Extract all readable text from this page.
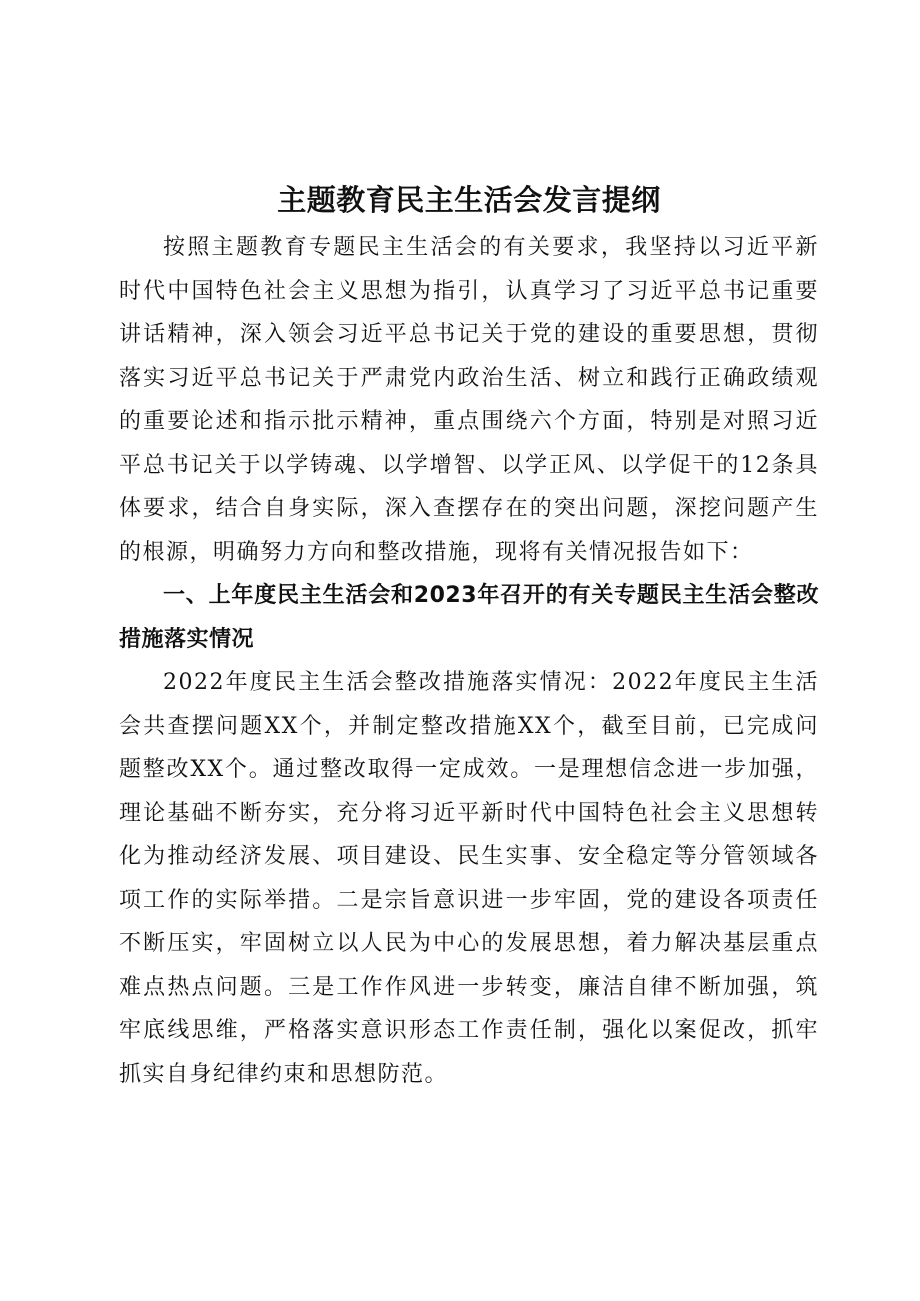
主题教育民主生活会发言提纲

按照主题教育专题民主生活会的有关要求，我坚持以习近平新时代中国特色社会主义思想为指引，认真学习了习近平总书记重要讲话精神，深入领会习近平总书记关于党的建设的重要思想，贯彻落实习近平总书记关于严肃党内政治生活、树立和践行正确政绩观的重要论述和指示批示精神，重点围绕六个方面，特别是对照习近平总书记关于以学铸魂、以学增智、以学正风、以学促干的12条具体要求，结合自身实际，深入查摆存在的突出问题，深挖问题产生的根源，明确努力方向和整改措施，现将有关情况报告如下：

一、上年度民主生活会和2023年召开的有关专题民主生活会整改措施落实情况

2022年度民主生活会整改措施落实情况：2022年度民主生活会共查摆问题XX个，并制定整改措施XX个，截至目前，已完成问题整改XX个。通过整改取得一定成效。一是理想信念进一步加强，理论基础不断夯实，充分将习近平新时代中国特色社会主义思想转化为推动经济发展、项目建设、民生实事、安全稳定等分管领域各项工作的实际举措。二是宗旨意识进一步牢固，党的建设各项责任不断压实，牢固树立以人民为中心的发展思想，着力解决基层重点难点热点问题。三是工作作风进一步转变，廉洁自律不断加强，筑牢底线思维，严格落实意识形态工作责任制，强化以案促改，抓牢抓实自身纪律约束和思想防范。
